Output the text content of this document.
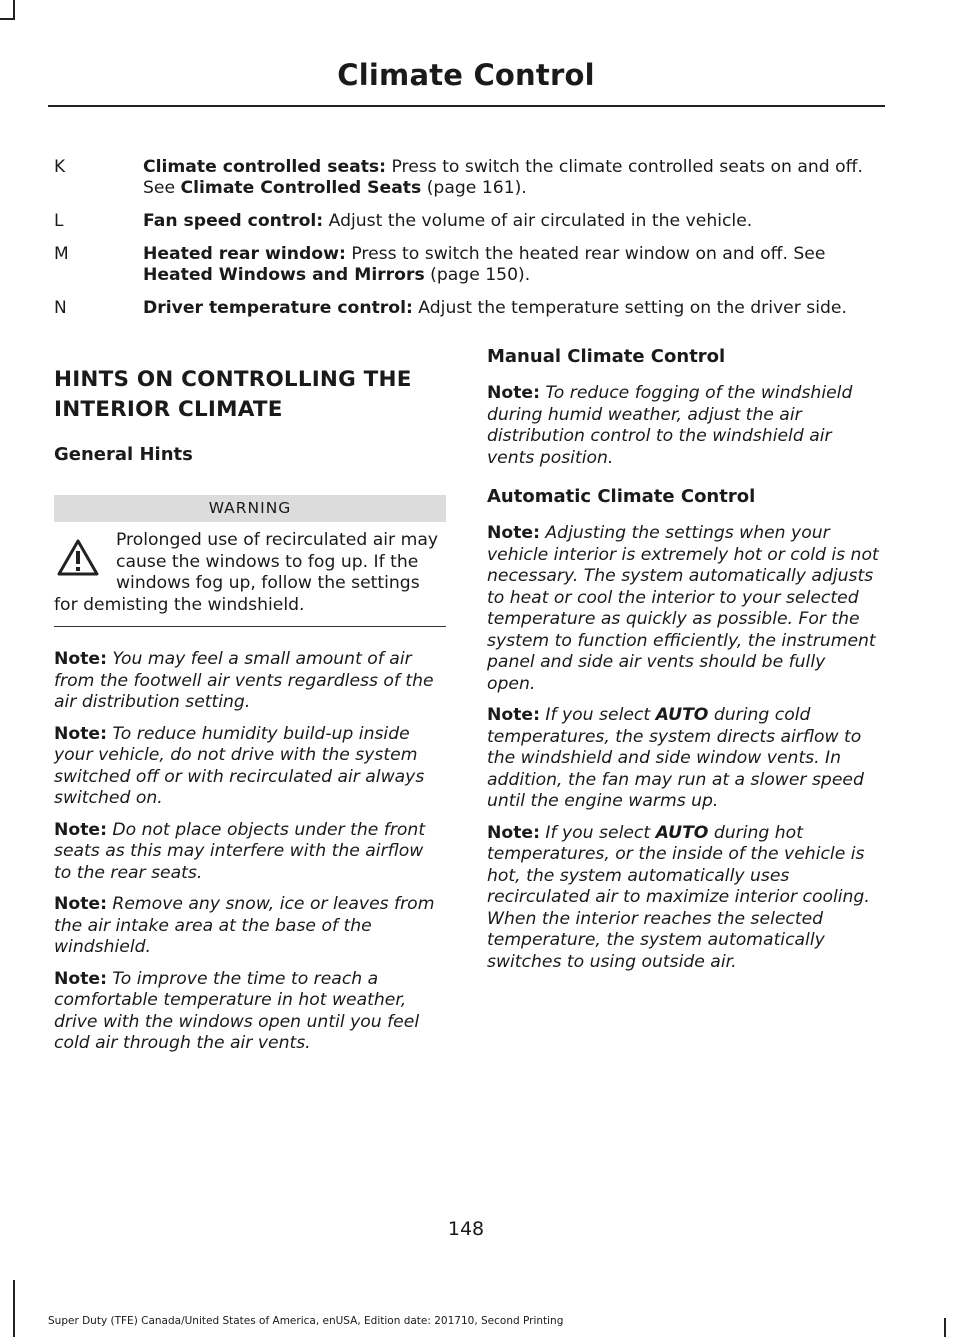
Climate Control
K	Climate controlled seats: Press to switch the climate controlled seats on and off. See Climate Controlled Seats (page 161).
L	Fan speed control: Adjust the volume of air circulated in the vehicle.
M	Heated rear window: Press to switch the heated rear window on and off. See Heated Windows and Mirrors (page 150).
N	Driver temperature control: Adjust the temperature setting on the driver side.
HINTS ON CONTROLLING THE
INTERIOR CLIMATE
General Hints
WARNING
Prolonged use of recirculated air may
cause the windows to fog up. If the
windows fog up, follow the settings
for demisting the windshield.

Note: You may feel a small amount of air from the footwell air vents regardless of the air distribution setting.

Note: To reduce humidity build-up inside your vehicle, do not drive with the system switched off or with recirculated air always switched on.

Note: Do not place objects under the front seats as this may interfere with the airflow to the rear seats.

Note: Remove any snow, ice or leaves from the air intake area at the base of the windshield.

Note: To improve the time to reach a comfortable temperature in hot weather, drive with the windows open until you feel cold air through the air vents.

Manual Climate Control

Note: To reduce fogging of the windshield during humid weather, adjust the air distribution control to the windshield air vents position.

Automatic Climate Control

Note: Adjusting the settings when your vehicle interior is extremely hot or cold is not necessary. The system automatically adjusts to heat or cool the interior to your selected temperature as quickly as possible. For the system to function efficiently, the instrument panel and side air vents should be fully open.

Note: If you select AUTO during cold temperatures, the system directs airflow to the windshield and side window vents. In addition, the fan may run at a slower speed until the engine warms up.

Note: If you select AUTO during hot temperatures, or the inside of the vehicle is hot, the system automatically uses recirculated air to maximize interior cooling. When the interior reaches the selected temperature, the system automatically switches to using outside air.

148
Super Duty (TFE) Canada/United States of America, enUSA, Edition date: 201710, Second Printing
